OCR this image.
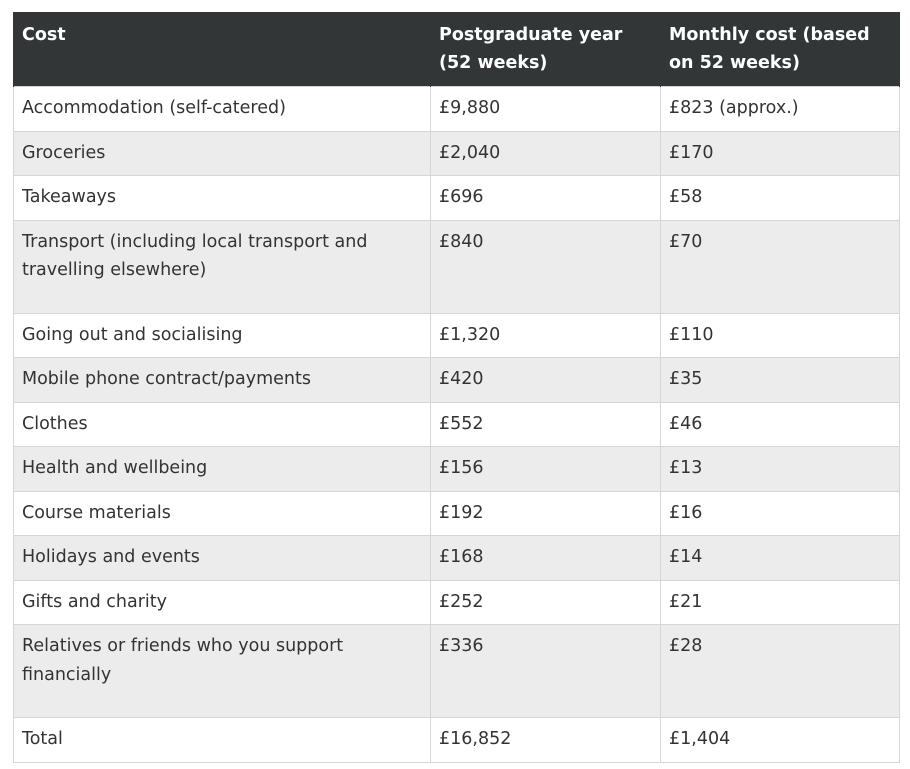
Cost	Postgraduate year (52 weeks)	Monthly cost (based on 52 weeks)
Accommodation (self-catered)	£9,880	£823 (approx.)
Groceries	£2,040	£170
Takeaways	£696	£58
Transport (including local transport and travelling elsewhere)	£840	£70
Going out and socialising	£1,320	£110
Mobile phone contract/payments	£420	£35
Clothes	£552	£46
Health and wellbeing	£156	£13
Course materials	£192	£16
Holidays and events	£168	£14
Gifts and charity	£252	£21
Relatives or friends who you support financially	£336	£28
Total	£16,852	£1,404
